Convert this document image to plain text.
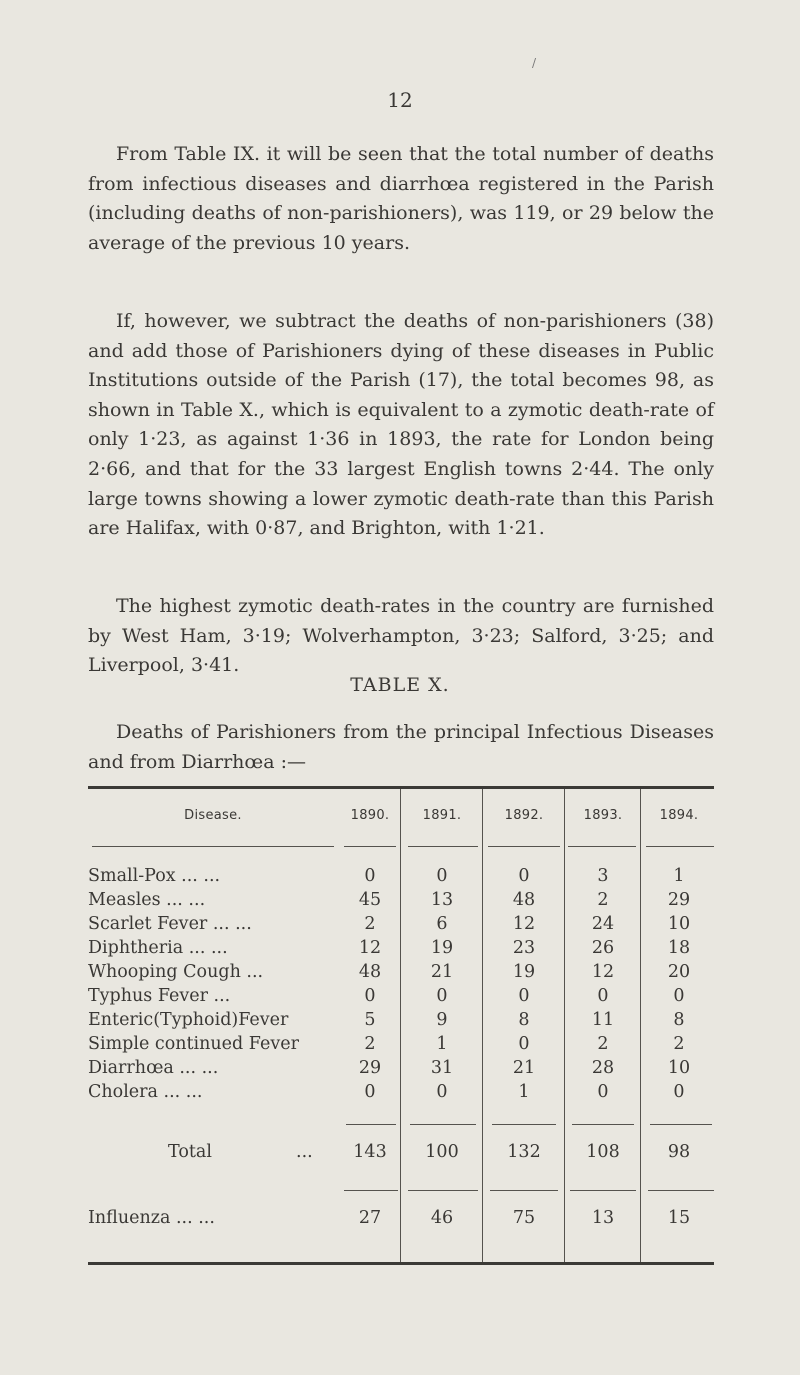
/
12

From Table IX. it will be seen that the total number of deaths from infectious diseases and diarrhœa registered in the Parish (including deaths of non-parishioners), was 119, or 29 below the average of the previous 10 years.

If, however, we subtract the deaths of non-parishioners (38) and add those of Parishioners dying of these diseases in Public Institutions outside of the Parish (17), the total becomes 98, as shown in Table X., which is equivalent to a zymotic death-rate of only 1·23, as against 1·36 in 1893, the rate for London being 2·66, and that for the 33 largest English towns 2·44. The only large towns showing a lower zymotic death-rate than this Parish are Halifax, with 0·87, and Brighton, with 1·21.

The highest zymotic death-rates in the country are furnished by West Ham, 3·19; Wolverhampton, 3·23; Salford, 3·25; and Liverpool, 3·41.

TABLE X.

Deaths of Parishioners from the principal Infectious Diseases and from Diarrhœa :—

Disease.	1890.	1891.	1892.	1893.	1894.
Small-Pox ... ...	0	0	0	3	1
Measles ... ...	45	13	48	2	29
Scarlet Fever ... ...	2	6	12	24	10
Diphtheria ... ...	12	19	23	26	18
Whooping Cough ...	48	21	19	12	20
Typhus Fever ...	0	0	0	0	0
Enteric(Typhoid)Fever	5	9	8	11	8
Simple continued Fever	2	1	0	2	2
Diarrhœa ... ...	29	31	21	28	10
Cholera ... ...	0	0	1	0	0
Total	...	143	100	132	108	98
Influenza ... ...	27	46	75	13	15
